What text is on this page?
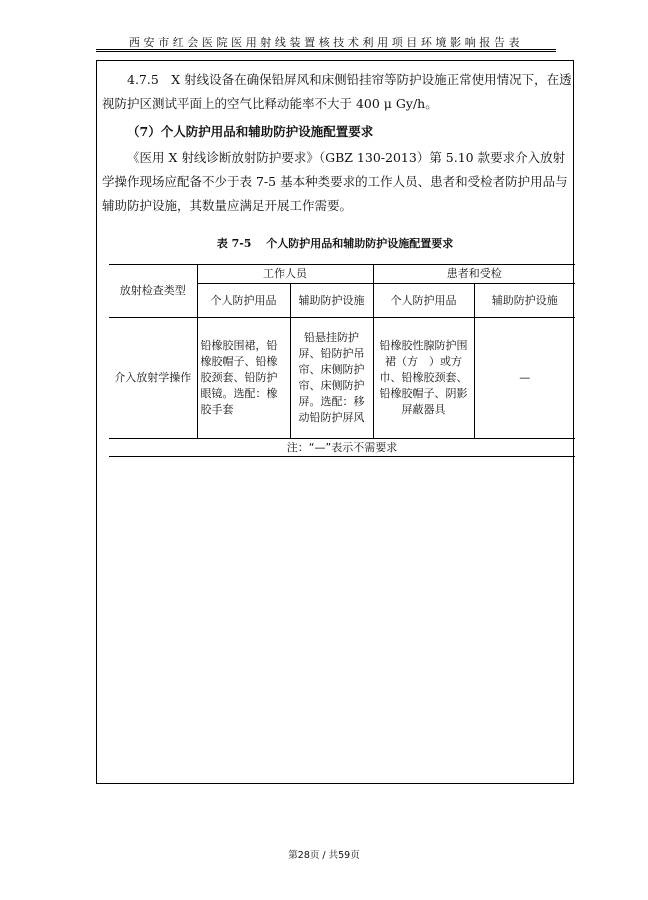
西安市红会医院医用射线装置核技术利用项目环境影响报告表
4.7.5　X 射线设备在确保铅屏风和床侧铅挂帘等防护设施正常使用情况下，在透视防护区测试平面上的空气比释动能率不大于 400 μ Gy/h。
（7）个人防护用品和辅助防护设施配置要求
《医用 X 射线诊断放射防护要求》（GBZ 130-2013）第 5.10 款要求介入放射学操作现场应配备不少于表 7-5 基本种类要求的工作人员、患者和受检者防护用品与辅助防护设施，其数量应满足开展工作需要。
表 7-5　 个人防护用品和辅助防护设施配置要求
放射检查类型	工作人员		患者和受检	
	个人防护用品	辅助防护设施	个人防护用品	辅助防护设施
介入放射学操作	铅橡胶围裙，铅橡胶帽子、铅橡胶颈套、铅防护眼镜。选配：橡胶手套	铅悬挂防护屏、铅防护吊帘、床侧防护帘、床侧防护屏。选配：移动铅防护屏风	铅橡胶性腺防护围裙（方　）或方巾、铅橡胶颈套、铅橡胶帽子、阴影屏蔽器具	—
注：“—”表示不需要求				
第28页 / 共59页
